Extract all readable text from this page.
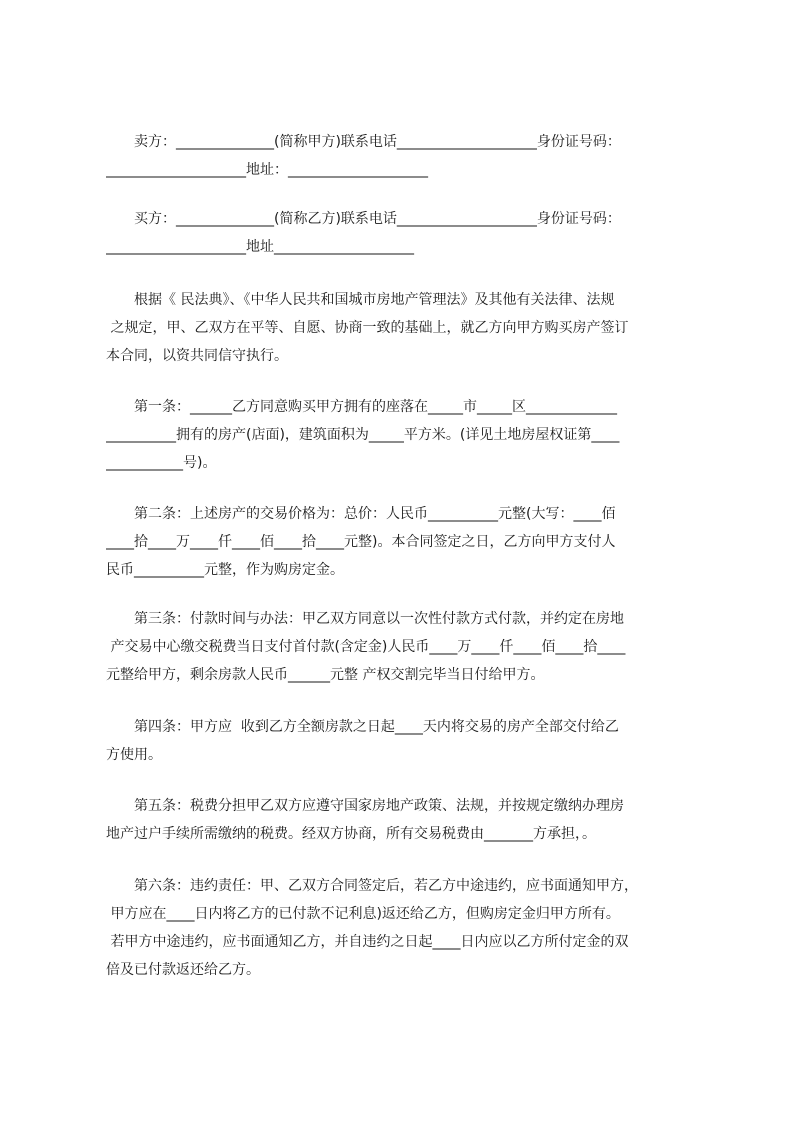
卖方：______________(简称甲方)联系电话____________________身份证号码：

____________________地址：____________________

买方：______________(简称乙方)联系电话____________________身份证号码：

____________________地址____________________

根据《 民法典》、《中华人民共和国城市房地产管理法》及其他有关法律、法规

之规定，甲、乙双方在平等、自愿、协商一致的基础上，就乙方向甲方购买房产签订

本合同，以资共同信守执行。

第一条：______乙方同意购买甲方拥有的座落在_____市_____区_____________

__________拥有的房产(店面)，建筑面积为_____平方米。(详见土地房屋权证第____

___________号)。

第二条：上述房产的交易价格为：总价：人民币__________元整(大写：____佰

____拾____万____仟____佰____拾____元整)。本合同签定之日，乙方向甲方支付人

民币__________元整，作为购房定金。

第三条：付款时间与办法：甲乙双方同意以一次性付款方式付款，并约定在房地

产交易中心缴交税费当日支付首付款(含定金)人民币____万____仟____佰____拾____

元整给甲方，剩余房款人民币______元整 产权交割完毕当日付给甲方。

第四条：甲方应  收到乙方全额房款之日起____天内将交易的房产全部交付给乙

方使用。

第五条：税费分担甲乙双方应遵守国家房地产政策、法规，并按规定缴纳办理房

地产过户手续所需缴纳的税费。经双方协商，所有交易税费由_______方承担，。

第六条：违约责任：甲、乙双方合同签定后，若乙方中途违约，应书面通知甲方，

甲方应在____日内将乙方的已付款不记利息)返还给乙方，但购房定金归甲方所有。

若甲方中途违约，应书面通知乙方，并自违约之日起____日内应以乙方所付定金的双

倍及已付款返还给乙方。
